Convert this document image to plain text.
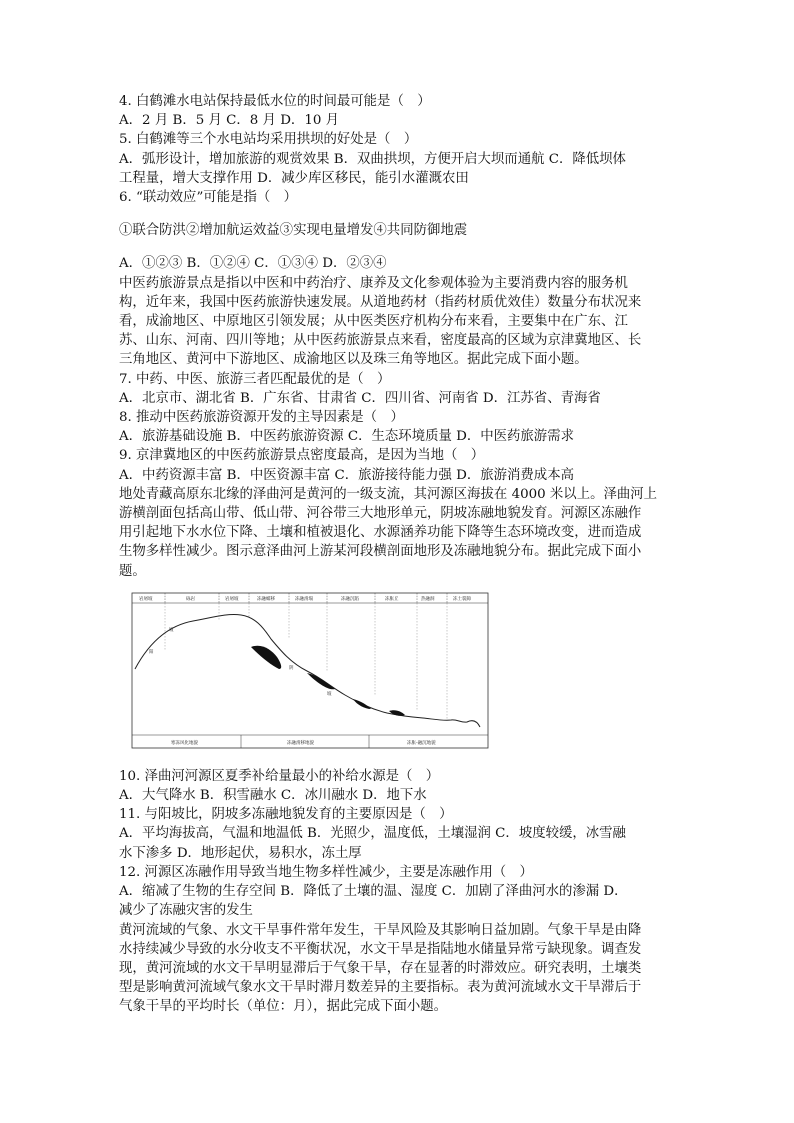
4. 白鹤滩水电站保持最低水位的时间最可能是（　）
A．2 月 B．5 月 C．8 月 D．10 月
5. 白鹤滩等三个水电站均采用拱坝的好处是（　）
A．弧形设计，增加旅游的观赏效果 B．双曲拱坝，方便开启大坝而通航 C．降低坝体
工程量，增大支撑作用 D．减少库区移民，能引水灌溉农田
6. “联动效应”可能是指（　）
①联合防洪②增加航运效益③实现电量增发④共同防御地震
A．①②③ B．①②④ C．①③④ D．②③④
中医药旅游景点是指以中医和中药治疗、康养及文化参观体验为主要消费内容的服务机
构，近年来，我国中医药旅游快速发展。从道地药材（指药材质优效佳）数量分布状况来
看，成渝地区、中原地区引领发展；从中医类医疗机构分布来看，主要集中在广东、江
苏、山东、河南、四川等地；从中医药旅游景点来看，密度最高的区域为京津冀地区、长
三角地区、黄河中下游地区、成渝地区以及珠三角等地区。据此完成下面小题。
7. 中药、中医、旅游三者匹配最优的是（　）
A．北京市、湖北省 B．广东省、甘肃省 C．四川省、河南省 D．江苏省、青海省
8. 推动中医药旅游资源开发的主导因素是（　）
A．旅游基础设施 B．中医药旅游资源 C．生态环境质量 D．中医药旅游需求
9. 京津冀地区的中医药旅游景点密度最高，是因为当地（　）
A．中药资源丰富 B．中医资源丰富 C．旅游接待能力强 D．旅游消费成本高
地处青藏高原东北缘的泽曲河是黄河的一级支流，其河源区海拔在 4000 米以上。泽曲河上
游横剖面包括高山带、低山带、河谷带三大地形单元，阴坡冻融地貌发育。河源区冻融作
用引起地下水水位下降、土壤和植被退化、水源涵养功能下降等生态环境改变，进而造成
生物多样性减少。图示意泽曲河上游某河段横剖面地形及冻融地貌分布。据此完成下面小
题。
岩屑坡	砾岩	岩屑坡	冻融蠕移	冻融滑塌	冻融沉陷	冻胀丘	热融洞	冻土裂隙
阳
坡
阴
坡
寒冻风化地貌	冻融滑移地貌	冻胀-融沉地貌
10. 泽曲河河源区夏季补给量最小的补给水源是（　）
A．大气降水 B．积雪融水 C．冰川融水 D．地下水
11. 与阳坡比，阴坡多冻融地貌发育的主要原因是（　）
A．平均海拔高，气温和地温低 B．光照少，温度低，土壤湿润 C．坡度较缓，冰雪融
水下渗多 D．地形起伏，易积水，冻土厚
12. 河源区冻融作用导致当地生物多样性减少，主要是冻融作用（　）
A．缩减了生物的生存空间 B．降低了土壤的温、湿度 C．加剧了泽曲河水的渗漏 D．
减少了冻融灾害的发生
黄河流域的气象、水文干旱事件常年发生，干旱风险及其影响日益加剧。气象干旱是由降
水持续减少导致的水分收支不平衡状况，水文干旱是指陆地水储量异常亏缺现象。调查发
现，黄河流域的水文干旱明显滞后于气象干旱，存在显著的时滞效应。研究表明，土壤类
型是影响黄河流域气象水文干旱时滞月数差异的主要指标。表为黄河流域水文干旱滞后于
气象干旱的平均时长（单位：月），据此完成下面小题。
